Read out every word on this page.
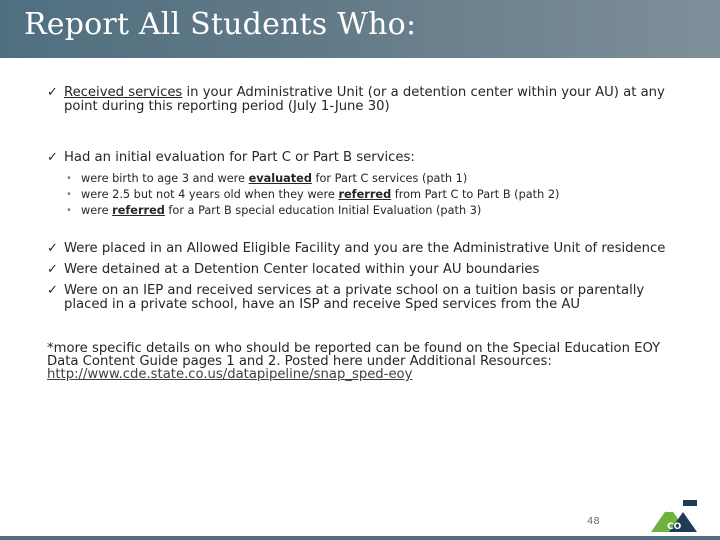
Report All Students Who:
✓ Received services in your Administrative Unit (or a detention center within your AU) at any point during this reporting period (July 1-June 30)
✓ Had an initial evaluation for Part C or Part B services:
• were birth to age 3 and were evaluated for Part C services (path 1)
• were 2.5 but not 4 years old when they were referred from Part C to Part B (path 2)
• were referred for a Part B special education Initial Evaluation (path 3)
✓ Were placed in an Allowed Eligible Facility and you are the Administrative Unit of residence
✓ Were detained at a Detention Center located within your AU boundaries
✓ Were on an IEP and received services at a private school on a tuition basis or parentally placed in a private school, have an ISP and receive Sped services from the AU
*more specific details on who should be reported can be found on the Special Education EOY Data Content Guide pages 1 and 2. Posted here under Additional Resources: http://www.cde.state.co.us/datapipeline/snap_sped-eoy
48	CO
